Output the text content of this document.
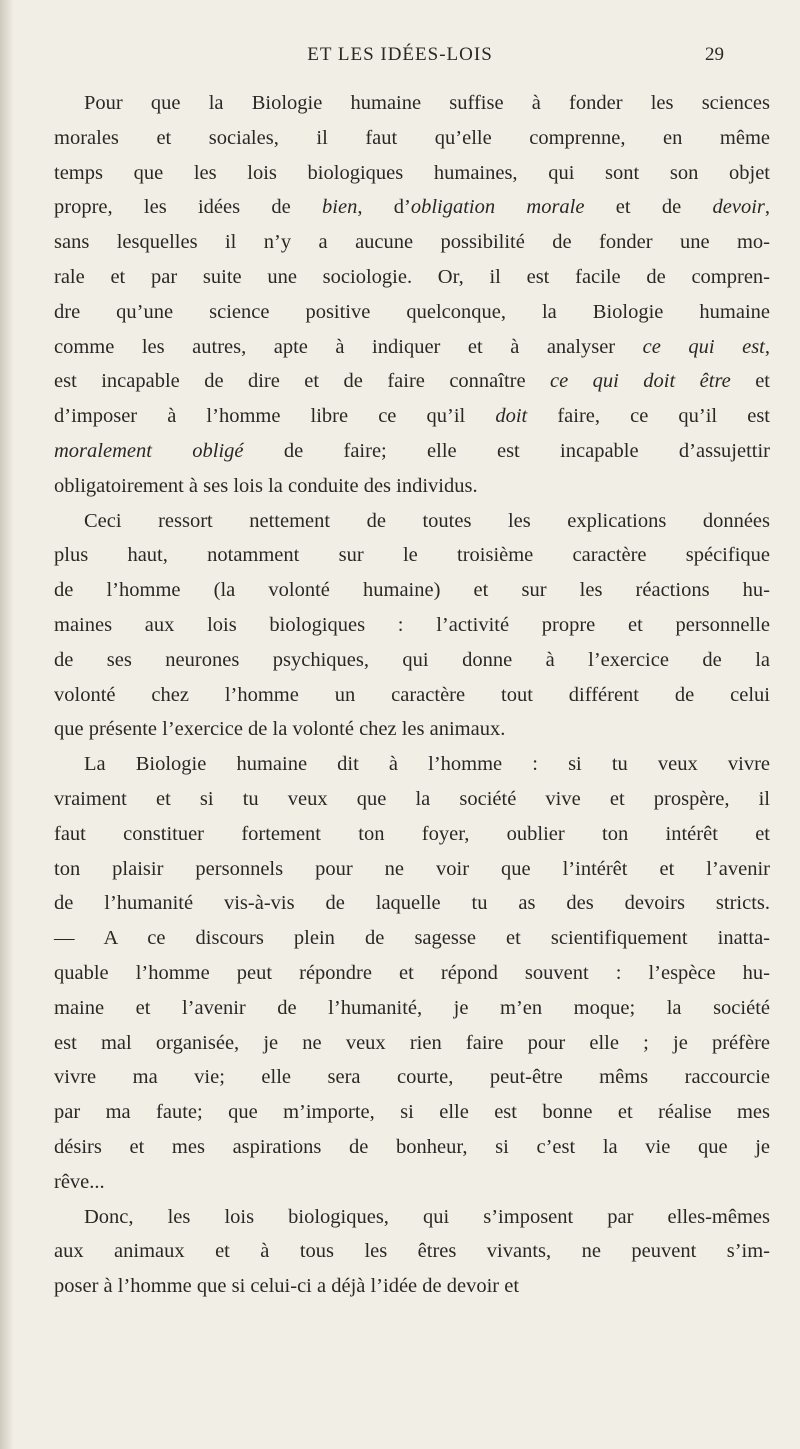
ET LES IDÉES-LOIS	29
Pour que la Biologie humaine suffise à fonder les sciences
morales et sociales, il faut qu’elle comprenne, en même
temps que les lois biologiques humaines, qui sont son objet
propre, les idées de bien, d’obligation morale et de devoir,
sans lesquelles il n’y a aucune possibilité de fonder une mo-
rale et par suite une sociologie. Or, il est facile de compren-
dre qu’une science positive quelconque, la Biologie humaine
comme les autres, apte à indiquer et à analyser ce qui est,
est incapable de dire et de faire connaître ce qui doit être et
d’imposer à l’homme libre ce qu’il doit faire, ce qu’il est
moralement obligé de faire; elle est incapable d’assujettir
obligatoirement à ses lois la conduite des individus.
Ceci ressort nettement de toutes les explications données
plus haut, notamment sur le troisième caractère spécifique
de l’homme (la volonté humaine) et sur les réactions hu-
maines aux lois biologiques : l’activité propre et personnelle
de ses neurones psychiques, qui donne à l’exercice de la
volonté chez l’homme un caractère tout différent de celui
que présente l’exercice de la volonté chez les animaux.
La Biologie humaine dit à l’homme : si tu veux vivre
vraiment et si tu veux que la société vive et prospère, il
faut constituer fortement ton foyer, oublier ton intérêt et
ton plaisir personnels pour ne voir que l’intérêt et l’avenir
de l’humanité vis-à-vis de laquelle tu as des devoirs stricts.
— A ce discours plein de sagesse et scientifiquement inatta-
quable l’homme peut répondre et répond souvent : l’espèce hu-
maine et l’avenir de l’humanité, je m’en moque; la société
est mal organisée, je ne veux rien faire pour elle ; je préfère
vivre ma vie; elle sera courte, peut-être mêms raccourcie
par ma faute; que m’importe, si elle est bonne et réalise mes
désirs et mes aspirations de bonheur, si c’est la vie que je
rêve...
Donc, les lois biologiques, qui s’imposent par elles-mêmes
aux animaux et à tous les êtres vivants, ne peuvent s’im-
poser à l’homme que si celui-ci a déjà l’idée de devoir et
